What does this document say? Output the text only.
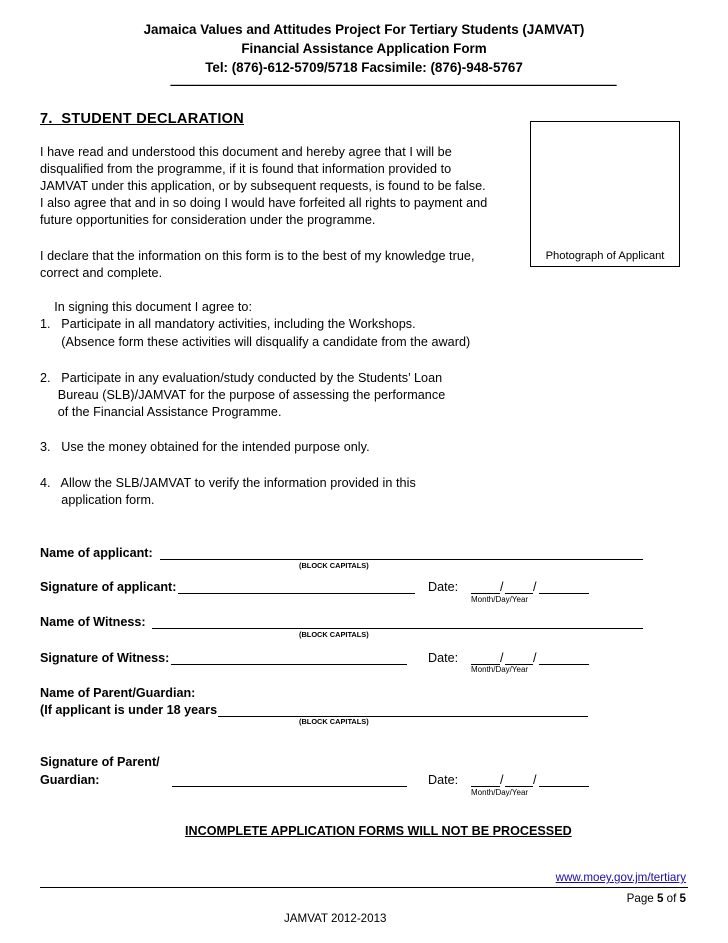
Jamaica Values and Attitudes Project For Tertiary Students (JAMVAT)
Financial Assistance Application Form
Tel: (876)-612-5709/5718 Facsimile: (876)-948-5767
--------------------------------------------------------------------------------------------------------------------------------------------------------------------------------------------------------
7.  STUDENT DECLARATION
Photograph of Applicant
I have read and understood this document and hereby agree that I will be
disqualified from the programme, if it is found that information provided to
JAMVAT under this application, or by subsequent requests, is found to be false.
I also agree that and in so doing I would have forfeited all rights to payment and
future opportunities for consideration under the programme.
I declare that the information on this form is to the best of my knowledge true,
correct and complete.
In signing this document I agree to:
1.   Participate in all mandatory activities, including the Workshops.
(Absence form these activities will disqualify a candidate from the award)
2.   Participate in any evaluation/study conducted by the Students’ Loan
Bureau (SLB)/JAMVAT for the purpose of assessing the performance
of the Financial Assistance Programme.
3.   Use the money obtained for the intended purpose only.
4.   Allow the SLB/JAMVAT to verify the information provided in this
application form.
Name of applicant:
(BLOCK CAPITALS)
Signature of applicant:	Date:	/ /
Month/Day/Year
Name of Witness:
(BLOCK CAPITALS)
Signature of Witness:	Date:	/ /
Month/Day/Year
Name of Parent/Guardian:
(If applicant is under 18 years
(BLOCK CAPITALS)
Signature of Parent/
Guardian:	Date:	/ /
Month/Day/Year
INCOMPLETE APPLICATION FORMS WILL NOT BE PROCESSED
www.moey.gov.jm/tertiary
Page 5 of 5
JAMVAT 2012-2013
